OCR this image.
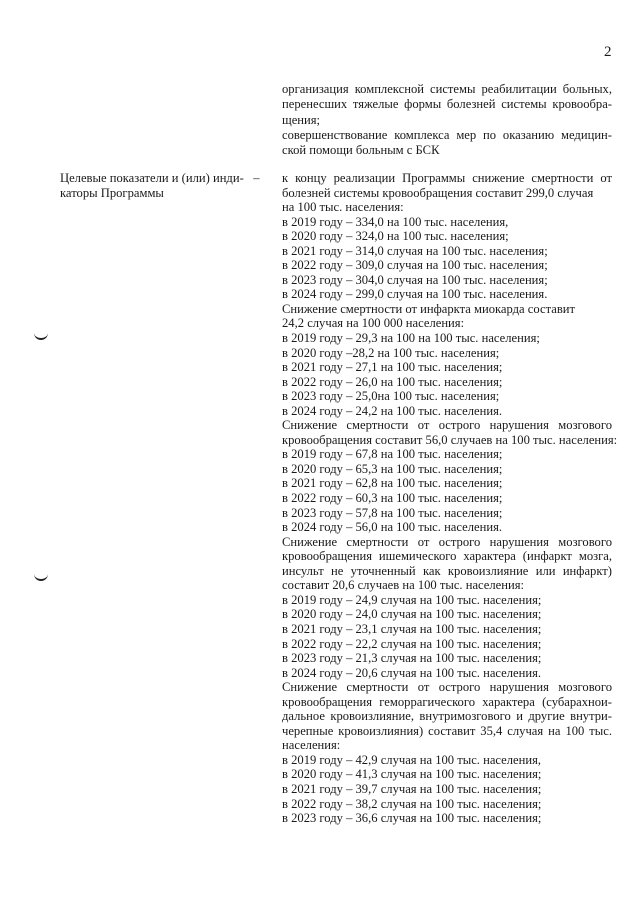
2

организация комплексной системы реабилитации больных, перенесших тяжелые формы болезней системы кровообра-щения;

совершенствование комплекса мер по оказанию медицин-ской помощи больным с БСК

Целевые показатели и (или) инди- –
каторы Программы
к концу реализации Программы снижение смертности от
болезней системы кровообращения составит 299,0 случая
на 100 тыс. населения:
в 2019 году – 334,0 на 100 тыс. населения,
в 2020 году – 324,0 на 100 тыс. населения;
в 2021 году – 314,0 случая на 100 тыс. населения;
в 2022 году – 309,0 случая на 100 тыс. населения;
в 2023 году – 304,0 случая на 100 тыс. населения;
в 2024 году – 299,0 случая на 100 тыс. населения.
Снижение смертности от инфаркта миокарда составит
24,2 случая на 100 000 населения:
в 2019 году – 29,3 на 100 на 100 тыс. населения;
в 2020 году –28,2 на 100 тыс. населения;
в 2021 году – 27,1 на 100 тыс. населения;
в 2022 году – 26,0 на 100 тыс. населения;
в 2023 году – 25,0на 100 тыс. населения;
в 2024 году – 24,2 на 100 тыс. населения.
Снижение смертности от острого нарушения мозгового
кровообращения составит 56,0 случаев на 100 тыс. населения:
в 2019 году – 67,8 на 100 тыс. населения;
в 2020 году – 65,3 на 100 тыс. населения;
в 2021 году – 62,8 на 100 тыс. населения;
в 2022 году – 60,3 на 100 тыс. населения;
в 2023 году – 57,8 на 100 тыс. населения;
в 2024 году – 56,0 на 100 тыс. населения.
Снижение смертности от острого нарушения мозгового
кровообращения ишемического характера (инфаркт мозга,
инсульт не уточненный как кровоизлияние или инфаркт)
составит 20,6 случаев на 100 тыс. населения:
в 2019 году – 24,9 случая на 100 тыс. населения;
в 2020 году – 24,0 случая на 100 тыс. населения;
в 2021 году – 23,1 случая на 100 тыс. населения;
в 2022 году – 22,2 случая на 100 тыс. населения;
в 2023 году – 21,3 случая на 100 тыс. населения;
в 2024 году – 20,6 случая на 100 тыс. населения.
Снижение смертности от острого нарушения мозгового
кровообращения геморрагического характера (субарахнои-
дальное кровоизлияние, внутримозгового и другие внутри-
черепные кровоизлияния) составит 35,4 случая на 100 тыс.
населения:
в 2019 году – 42,9 случая на 100 тыс. населения,
в 2020 году – 41,3 случая на 100 тыс. населения;
в 2021 году – 39,7 случая на 100 тыс. населения;
в 2022 году – 38,2 случая на 100 тыс. населения;
в 2023 году – 36,6 случая на 100 тыс. населения;
